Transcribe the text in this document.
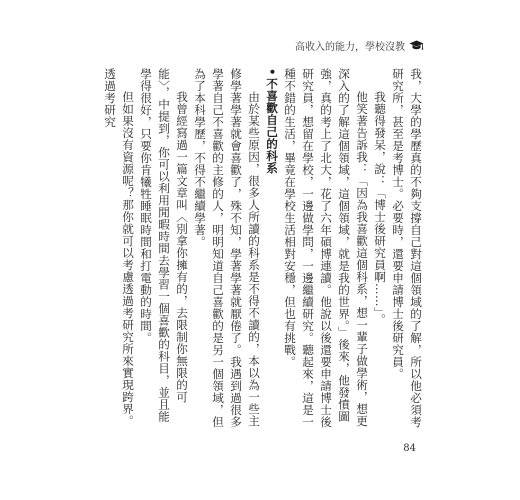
高收入的能力，學校沒教

我，大學的學歷真的不夠支撐自己對這個領域的了解，所以他必須考研究所，甚至是考博士。必要時，還要申請博士後研究員。

我聽得發呆，說：「博士後研究員啊……」。

他笑著告訴我：「因為我喜歡這個科系，想一輩子做學術，想更深入的了解這個領域，這個領域，就是我的世界。」後來，他發憤圖強，真的考上了北大，花了六年碩博連讀。他說以後還要申請博士後研究員，想留在學校，一邊做學問，一邊繼續研究。聽起來，這是一種不錯的生活，畢竟在學校生活相對安穩，但也有挑戰。

•不喜歡自己的科系

由於某些原因，很多人所讀的科系是不得不讀的，本以為一些主修學著學著就會喜歡了，殊不知，學著學著就厭倦了。我遇到過很多學著自己不喜歡的主修的人，明明知道自己喜歡的是另一個領域，但為了本科學歷，不得不繼續學著。

我曾經寫過一篇文章叫〈別拿你擁有的，去限制你無限的可能〉，中提到，你可以利用閒暇時間去學習一個喜歡的科目，並且能學得很好，只要你肯犧牲睡眠時間和打電動的時間。

但如果沒有資源呢？那你就可以考慮透過考研究所來實現跨界。透過考研究

84
